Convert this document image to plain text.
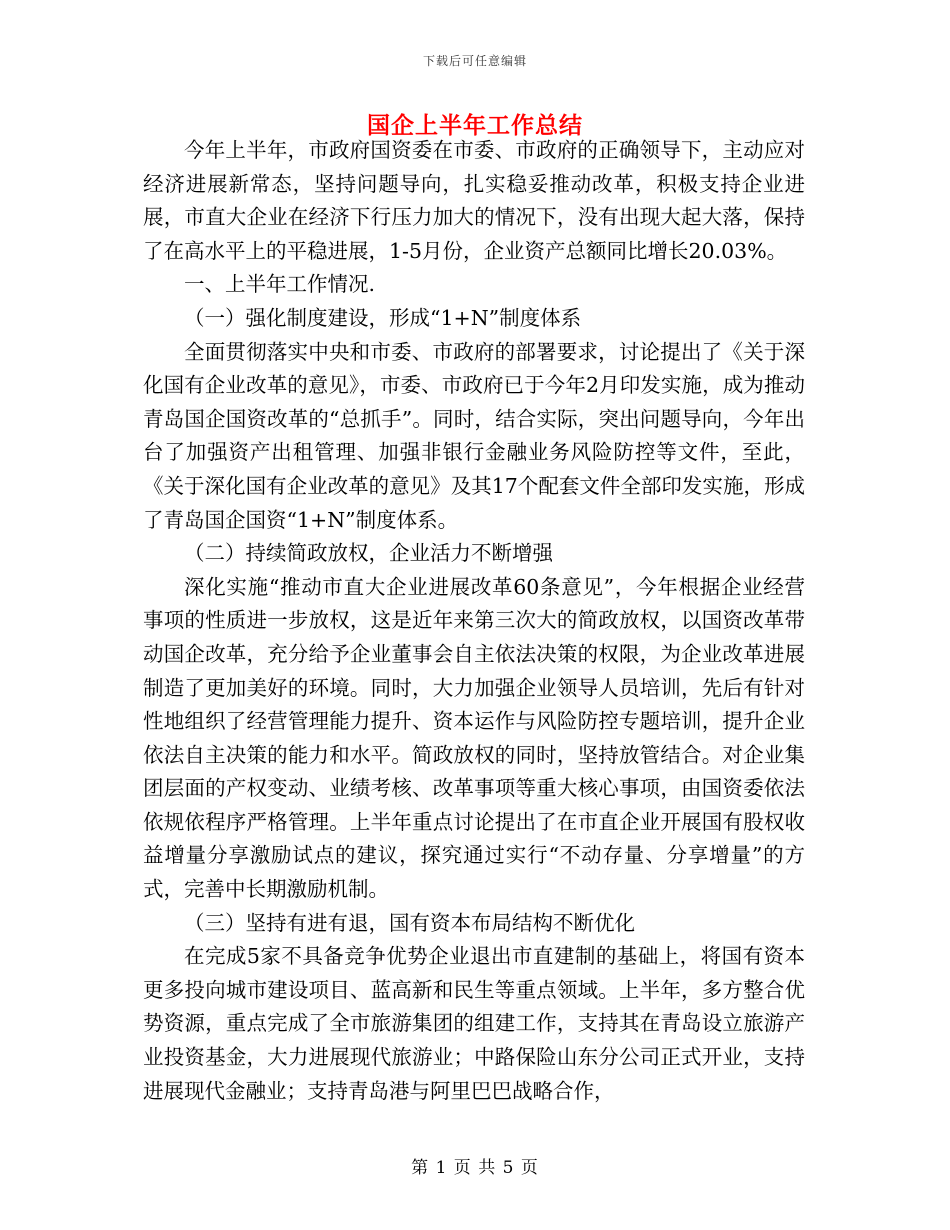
下载后可任意编辑
国企上半年工作总结

今年上半年，市政府国资委在市委、市政府的正确领导下，主动应对经济进展新常态，坚持问题导向，扎实稳妥推动改革，积极支持企业进展，市直大企业在经济下行压力加大的情况下，没有出现大起大落，保持了在高水平上的平稳进展，1-5月份，企业资产总额同比增长20.03%。

一、上半年工作情况.

（一）强化制度建设，形成“1+N”制度体系

全面贯彻落实中央和市委、市政府的部署要求，讨论提出了《关于深化国有企业改革的意见》，市委、市政府已于今年2月印发实施，成为推动青岛国企国资改革的“总抓手”。同时，结合实际，突出问题导向，今年出台了加强资产出租管理、加强非银行金融业务风险防控等文件，至此，《关于深化国有企业改革的意见》及其17个配套文件全部印发实施，形成了青岛国企国资“1+N”制度体系。

（二）持续简政放权，企业活力不断增强

深化实施“推动市直大企业进展改革60条意见”，今年根据企业经营事项的性质进一步放权，这是近年来第三次大的简政放权，以国资改革带动国企改革，充分给予企业董事会自主依法决策的权限，为企业改革进展制造了更加美好的环境。同时，大力加强企业领导人员培训，先后有针对性地组织了经营管理能力提升、资本运作与风险防控专题培训，提升企业依法自主决策的能力和水平。简政放权的同时，坚持放管结合。对企业集团层面的产权变动、业绩考核、改革事项等重大核心事项，由国资委依法依规依程序严格管理。上半年重点讨论提出了在市直企业开展国有股权收益增量分享激励试点的建议，探究通过实行“不动存量、分享增量”的方式，完善中长期激励机制。

（三）坚持有进有退，国有资本布局结构不断优化

在完成5家不具备竞争优势企业退出市直建制的基础上，将国有资本更多投向城市建设项目、蓝高新和民生等重点领域。上半年，多方整合优势资源，重点完成了全市旅游集团的组建工作，支持其在青岛设立旅游产业投资基金，大力进展现代旅游业；中路保险山东分公司正式开业，支持进展现代金融业；支持青岛港与阿里巴巴战略合作，

第 1 页 共 5 页
